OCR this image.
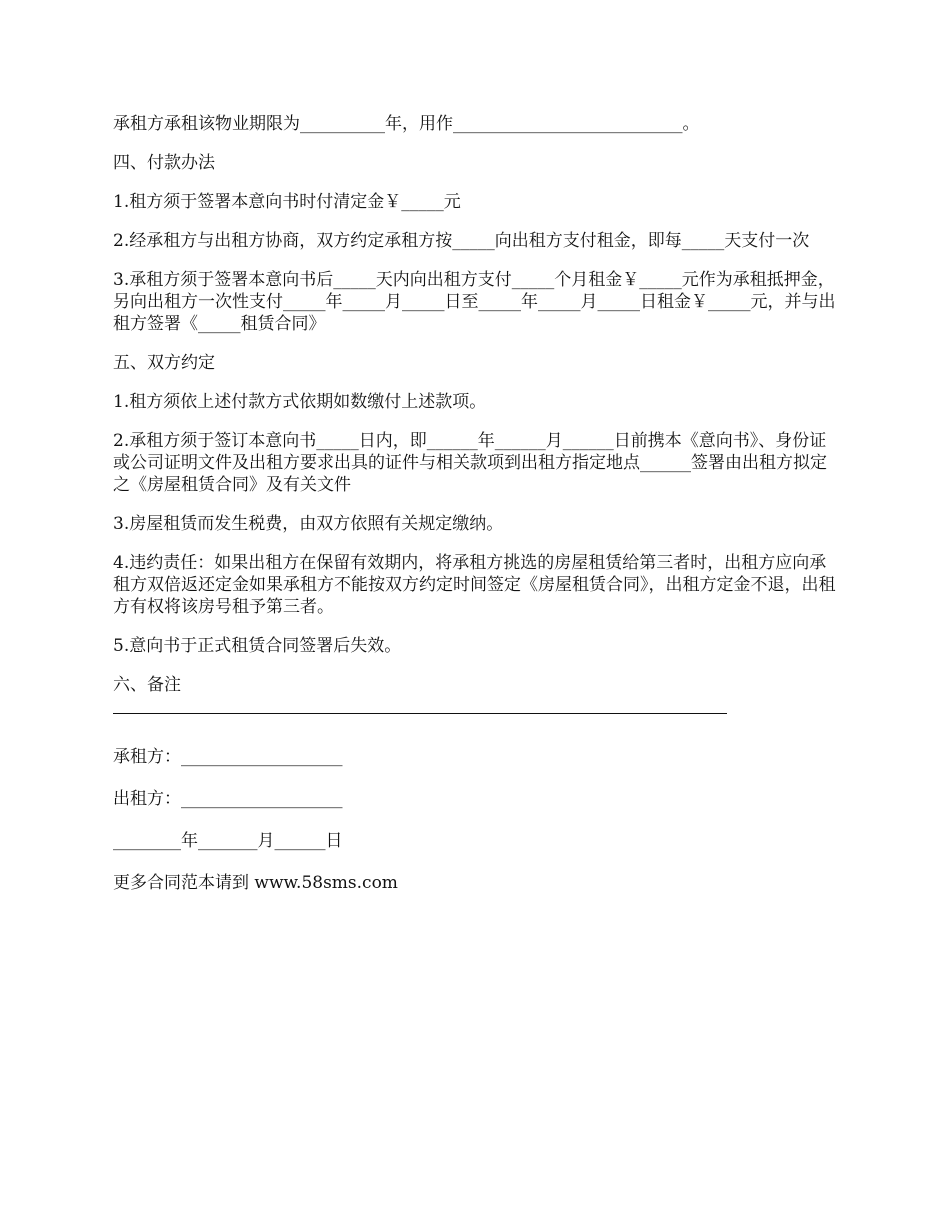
承租方承租该物业期限为__________年，用作___________________________。

四、付款办法

1.租方须于签署本意向书时付清定金￥_____元

2.经承租方与出租方协商，双方约定承租方按_____向出租方支付租金，即每_____天支付一次

3.承租方须于签署本意向书后_____天内向出租方支付_____个月租金￥_____元作为承租抵押金，另向出租方一次性支付_____年_____月_____日至_____年_____月_____日租金￥_____元，并与出租方签署《_____租赁合同》

五、双方约定

1.租方须依上述付款方式依期如数缴付上述款项。

2.承租方须于签订本意向书_____日内，即______年______月______日前携本《意向书》、身份证或公司证明文件及出租方要求出具的证件与相关款项到出租方指定地点______签署由出租方拟定之《房屋租赁合同》及有关文件

3.房屋租赁而发生税费，由双方依照有关规定缴纳。

4.违约责任：如果出租方在保留有效期内，将承租方挑选的房屋租赁给第三者时，出租方应向承租方双倍返还定金如果承租方不能按双方约定时间签定《房屋租赁合同》，出租方定金不退，出租方有权将该房号租予第三者。

5.意向书于正式租赁合同签署后失效。

六、备注

承租方：___________________

出租方：___________________

________年_______月______日

更多合同范本请到 www.58sms.com
